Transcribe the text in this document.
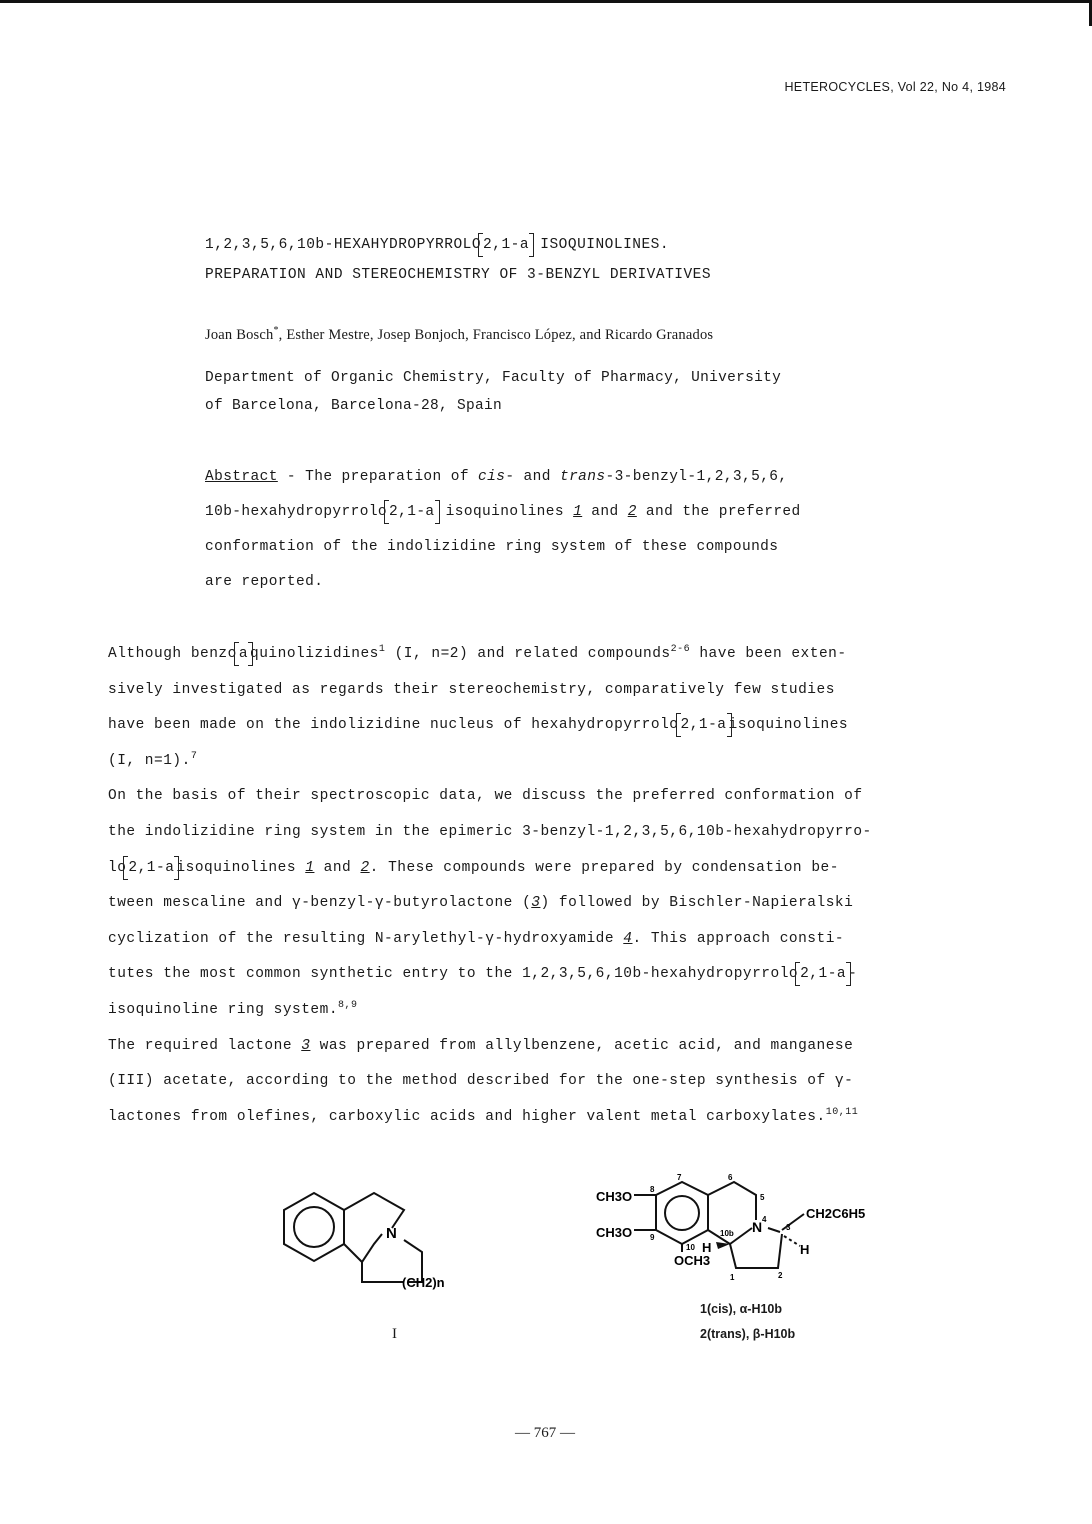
HETEROCYCLES, Vol 22, No 4, 1984
1,2,3,5,6,10b-HEXAHYDROPYRROLO 2,1-a ISOQUINOLINES.
PREPARATION AND STEREOCHEMISTRY OF 3-BENZYL DERIVATIVES
Joan Bosch*, Esther Mestre, Josep Bonjoch, Francisco López, and Ricardo Granados
Department of Organic Chemistry, Faculty of Pharmacy, University
of Barcelona, Barcelona-28, Spain
Abstract - The preparation of cis- and trans-3-benzyl-1,2,3,5,6,
10b-hexahydropyrrolo 2,1-a isoquinolines 1 and 2 and the preferred
conformation of the indolizidine ring system of these compounds
are reported.

Although benzo a quinolizidines$^1$ (I, n=2) and related compounds$^{2-6}$ have been exten-
sively investigated as regards their stereochemistry, comparatively few studies
have been made on the indolizidine nucleus of hexahydropyrrolo 2,1-a isoquinolines
(I, n=1).$^7$

On the basis of their spectroscopic data, we discuss the preferred conformation of
the indolizidine ring system in the epimeric 3-benzyl-1,2,3,5,6,10b-hexahydropyrro-
lo 2,1-a isoquinolines 1 and 2. These compounds were prepared by condensation be-
tween mescaline and γ-benzyl-γ-butyrolactone (3) followed by Bischler-Napieralski
cyclization of the resulting N-arylethyl-γ-hydroxyamide 4. This approach consti-
tutes the most common synthetic entry to the 1,2,3,5,6,10b-hexahydropyrrolo 2,1-a -
isoquinoline ring system.$^{8,9}$

The required lactone 3 was prepared from allylbenzene, acetic acid, and manganese
(III) acetate, according to the method described for the one-step synthesis of γ-
lactones from olefines, carboxylic acids and higher valent metal carboxylates.$^{10,11}$

N
(CH2)n
I
CH3O
CH3O
OCH3
CH2C6H5
N
H
H
7	6
5
8
9
10
10b
4
3
1	2
1(cis), α-H10b
2(trans), β-H10b
— 767 —
